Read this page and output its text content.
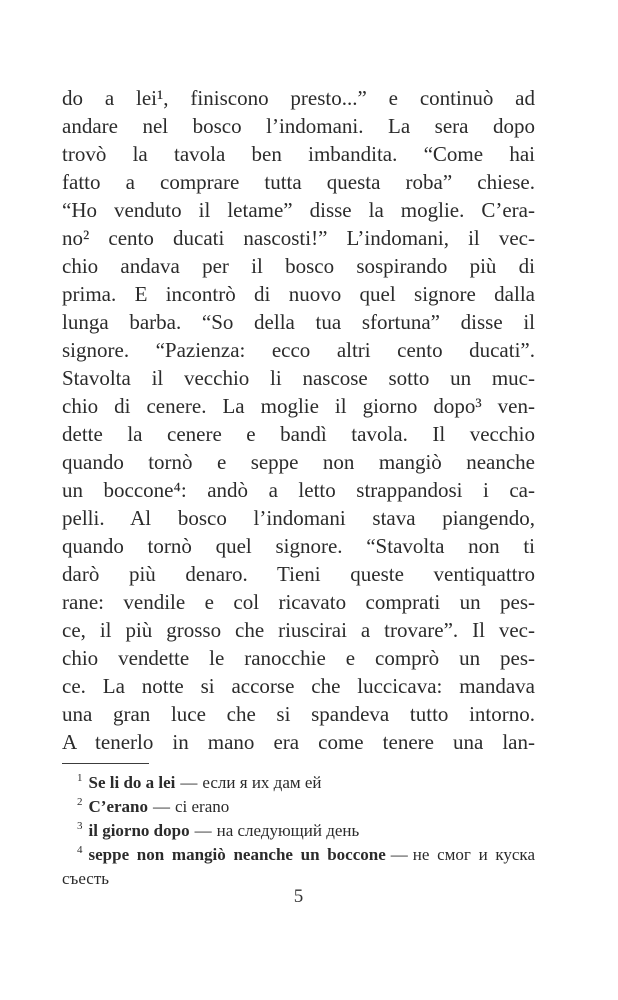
do a lei¹, finiscono presto...” e continuò ad
andare nel bosco l’indomani. La sera dopo
trovò la tavola ben imbandita. “Come hai
fatto a comprare tutta questa roba” chiese.
“Ho venduto il letame” disse la moglie. C’era-
no² cento ducati nascosti!” L’indomani, il vec-
chio andava per il bosco sospirando più di
prima. E incontrò di nuovo quel signore dalla
lunga barba. “So della tua sfortuna” disse il
signore. “Pazienza: ecco altri cento ducati”.
Stavolta il vecchio li nascose sotto un muc-
chio di cenere. La moglie il giorno dopo³ ven-
dette la cenere e bandì tavola. Il vecchio
quando tornò e seppe non mangiò neanche
un boccone⁴: andò a letto strappandosi i ca-
pelli. Al bosco l’indomani stava piangendo,
quando tornò quel signore. “Stavolta non ti
darò più denaro. Tieni queste ventiquattro
rane: vendile e col ricavato comprati un pes-
ce, il più grosso che riuscirai a trovare”. Il vec-
chio vendette le ranocchie e comprò un pes-
ce. La notte si accorse che luccicava: mandava
una gran luce che si spandeva tutto intorno.
A tenerlo in mano era come tenere una lan-

$^1$ Se li do a lei — если я их дам ей

$^2$ C’erano — ci erano

$^3$ il giorno dopo — на следующий день

$^4$ seppe non mangiò neanche un boccone — не смог и куска съесть

5
